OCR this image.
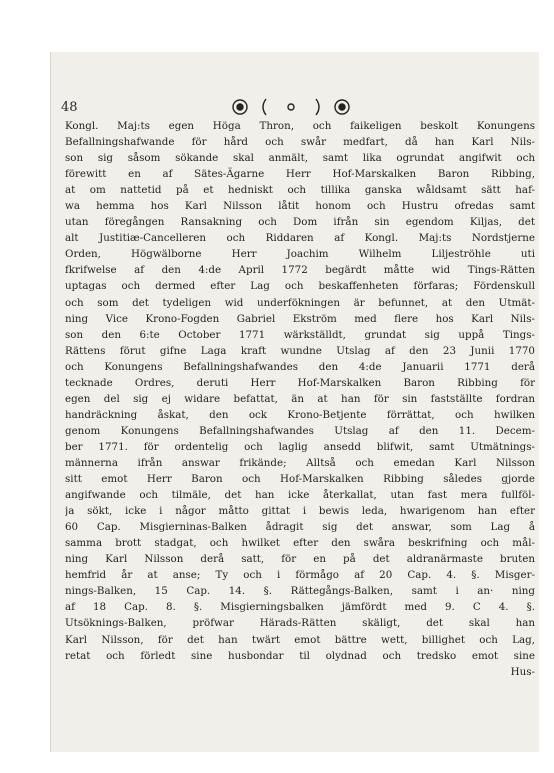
48
Kongl. Maj:ts egen Höga Thron, och faikeligen beskolt Konungens
Befallningshafwande för hård och swår medfart, då han Karl Nils-
son sig såsom sökande skal anmält, samt lika ogrundat angifwit och
förewitt en af Sätes-Ägarne Herr Hof-Marskalken Baron Ribbing,
at om nattetid på et hedniskt och tillika ganska wåldsamt sätt haf-
wa hemma hos Karl Nilsson låtit honom och Hustru ofredas samt
utan föregången Ransakning och Dom ifrån sin egendom Kiljas, det
alt Justitiæ-Cancelleren och Riddaren af Kongl. Maj:ts Nordstjerne
Orden, Högwälborne Herr Joachim Wilhelm Liljeströhle uti
fkrifwelse af den 4:de April 1772 begärdt måtte wid Tings-Rätten
uptagas och dermed efter Lag och beskaffenheten förfaras; Fördenskull
och som det tydeligen wid underfökningen är befunnet, at den Utmät-
ning Vice Krono-Fogden Gabriel Ekström med flere hos Karl Nils-
son den 6:te October 1771 wärkställdt, grundat sig uppå Tings-
Rättens förut gifne Laga kraft wundne Utslag af den 23 Junii 1770
och Konungens Befallningshafwandes den 4:de Januarii 1771 derå
tecknade Ordres, deruti Herr Hof-Marskalken Baron Ribbing för
egen del sig ej widare befattat, än at han för sin fastställte fordran
handräckning åskat, den ock Krono-Betjente förrättat, och hwilken
genom Konungens Befallningshafwandes Utslag af den 11. Decem-
ber 1771. för ordentelig och laglig ansedd blifwit, samt Utmätnings-
männerna ifrån answar frikände; Alltså och emedan Karl Nilsson
sitt emot Herr Baron och Hof-Marskalken Ribbing således gjorde
angifwande och tilmäle, det han icke återkallat, utan fast mera fullföl-
ja sökt, icke i någor måtto gittat i bewis leda, hwarigenom han efter
60 Cap. Misgierninas-Balken ådragit sig det answar, som Lag å
samma brott stadgat, och hwilket efter den swåra beskrifning och mål-
ning Karl Nilsson derå satt, för en på det aldranärmaste bruten
hemfrid år at anse; Ty och i förmågo af 20 Cap. 4. §. Misger-
nings-Balken, 15 Cap. 14. §. Rättegångs-Balken, samt i an· ning
af 18 Cap. 8. §. Misgierningsbalken jämfördt med 9. C 4. §.
Utsöknings-Balken, pröfwar Härads-Rätten skäligt, det skal han
Karl Nilsson, för det han twärt emot bättre wett, billighet och Lag,
retat och förledt sine husbondar til olydnad och tredsko emot sine
Hus-
